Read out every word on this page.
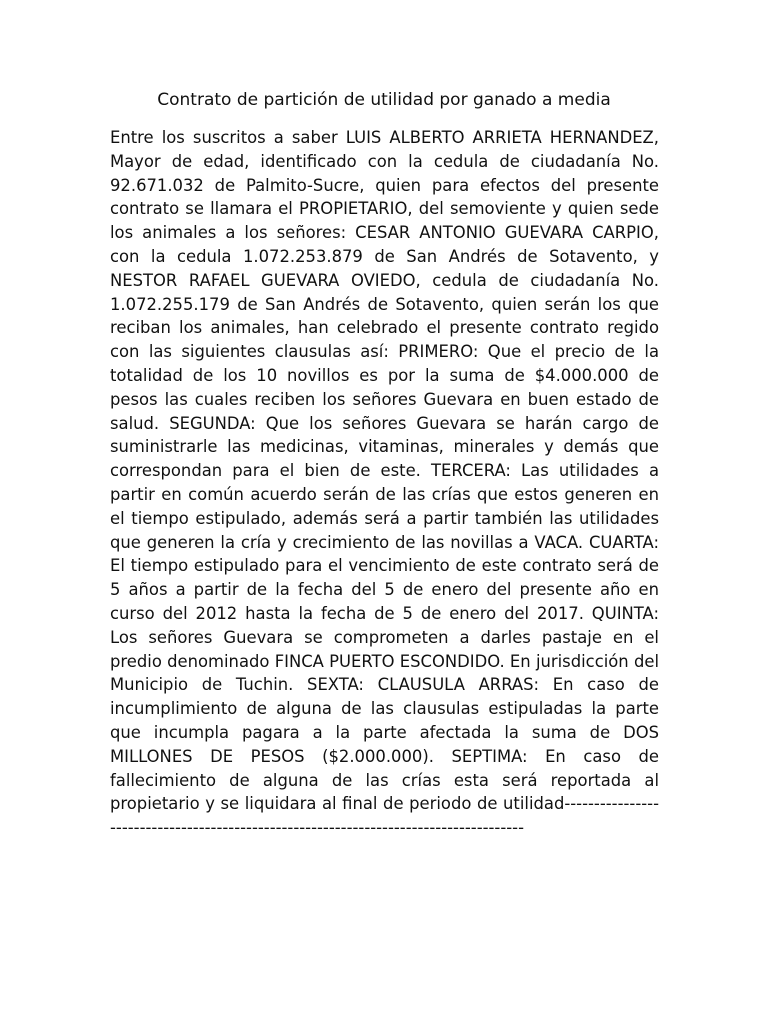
Contrato de partición de utilidad por ganado a media

Entre los suscritos a saber LUIS ALBERTO ARRIETA HERNANDEZ, Mayor de edad, identificado con la cedula de ciudadanía No. 92.671.032 de Palmito-Sucre, quien para efectos del presente contrato se llamara el PROPIETARIO, del semoviente y quien sede los animales a los señores: CESAR ANTONIO GUEVARA CARPIO, con la cedula 1.072.253.879 de San Andrés de Sotavento, y NESTOR RAFAEL GUEVARA OVIEDO, cedula de ciudadanía No. 1.072.255.179 de San Andrés de Sotavento, quien serán los que reciban los animales, han celebrado el presente contrato regido con las siguientes clausulas así: PRIMERO: Que el precio de la totalidad de los 10 novillos es por la suma de $4.000.000 de pesos las cuales reciben los señores Guevara en buen estado de salud. SEGUNDA: Que los señores Guevara se harán cargo de suministrarle las medicinas, vitaminas, minerales y demás que correspondan para el bien de este. TERCERA: Las utilidades a partir en común acuerdo serán de las crías que estos generen en el tiempo estipulado, además será a partir también las utilidades que generen la cría y crecimiento de las novillas a VACA. CUARTA: El tiempo estipulado para el vencimiento de este contrato será de 5 años a partir de la fecha del 5 de enero del presente año en curso del 2012 hasta la fecha de 5 de enero del 2017. QUINTA: Los señores Guevara se comprometen a darles pastaje en el predio denominado FINCA PUERTO ESCONDIDO. En jurisdicción del Municipio de Tuchin. SEXTA: CLAUSULA ARRAS: En caso de incumplimiento de alguna de las clausulas estipuladas la parte que incumpla pagara a la parte afectada la suma de DOS MILLONES DE PESOS ($2.000.000). SEPTIMA: En caso de fallecimiento de alguna de las crías esta será reportada al propietario y se liquidara al final de periodo de utilidad--------------------------------------------------------------------------------------
